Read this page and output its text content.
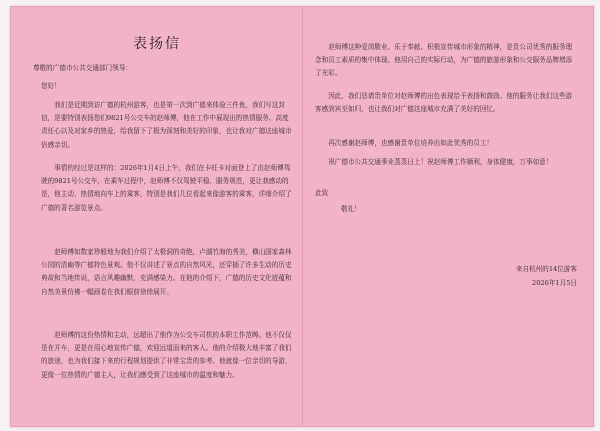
表扬信

尊敬的广德市公共交通部门领导：

您好！

我们是近期到访广德的杭州游客，也是第一次到广德来体验三件鱼，我们写这封信，是要特别表扬您们9821号公交车的赵师傅，他在工作中展现出的热情服务、高度责任心以及对家乡的热爱，给我留下了极为深刻和美好的印象，也让我对广德这座城市倍感亲切。

事情的经过是这样的：2026年1月4日上午，我们在卡旺卡对面登上了由赵师傅驾驶的9821号公交车，在乘车过程中，赵师傅不仅驾驶平稳、服务规范，更让我感动的是，他主动、热情地向车上的乘客，特别是我们几位看起来像游客的乘客，详细介绍了广德的著名游览景点。

赵师傅如数家珍般地为我们介绍了太极洞的奇绝，卢湖竹海的秀美，横山国家森林公园的清幽等广德特色景观。他不仅讲述了景点的自然风光，还穿插了许多生动的历史典故和当地传说，语言风趣幽默，充满感染力。在他的介绍下，广德的历史文化底蕴和自然美景仿佛一幅画卷在我们眼前徐徐展开。

赵师傅的这份热情和主动，远超出了他作为公交车司机的本职工作范畴。他不仅仅是在开车，更是在用心地宣传广德，欢迎远道而来的客人。他的介绍极大地丰富了我们的旅途，也为我们接下来的行程规划提供了非常宝贵的参考。他就像一位亲切的导游，更像一位热情的广德主人，让我们感受到了这座城市的温度和魅力。

赵师傅这种爱岗敬业、乐于奉献、积极宣传城市形象的精神，是贵公司优秀的服务理念和员工素质的集中体现。他用自己的实际行动，为广德的旅游形象和公交服务品牌增添了光彩。

因此，我们恳请贵单位对赵师傅的出色表现给予表扬和鼓励。他的服务让我们这些游客感到宾至如归，也让我们对广德这座城市充满了美好的回忆。

再次感谢赵师傅，也感谢贵单位培养出如此优秀的员工！

祝广德市公共交通事业蒸蒸日上！祝赵师傅工作顺利，身体健康，万事如意！

此致

敬礼！

来自杭州的14位游客

2026年1月5日
